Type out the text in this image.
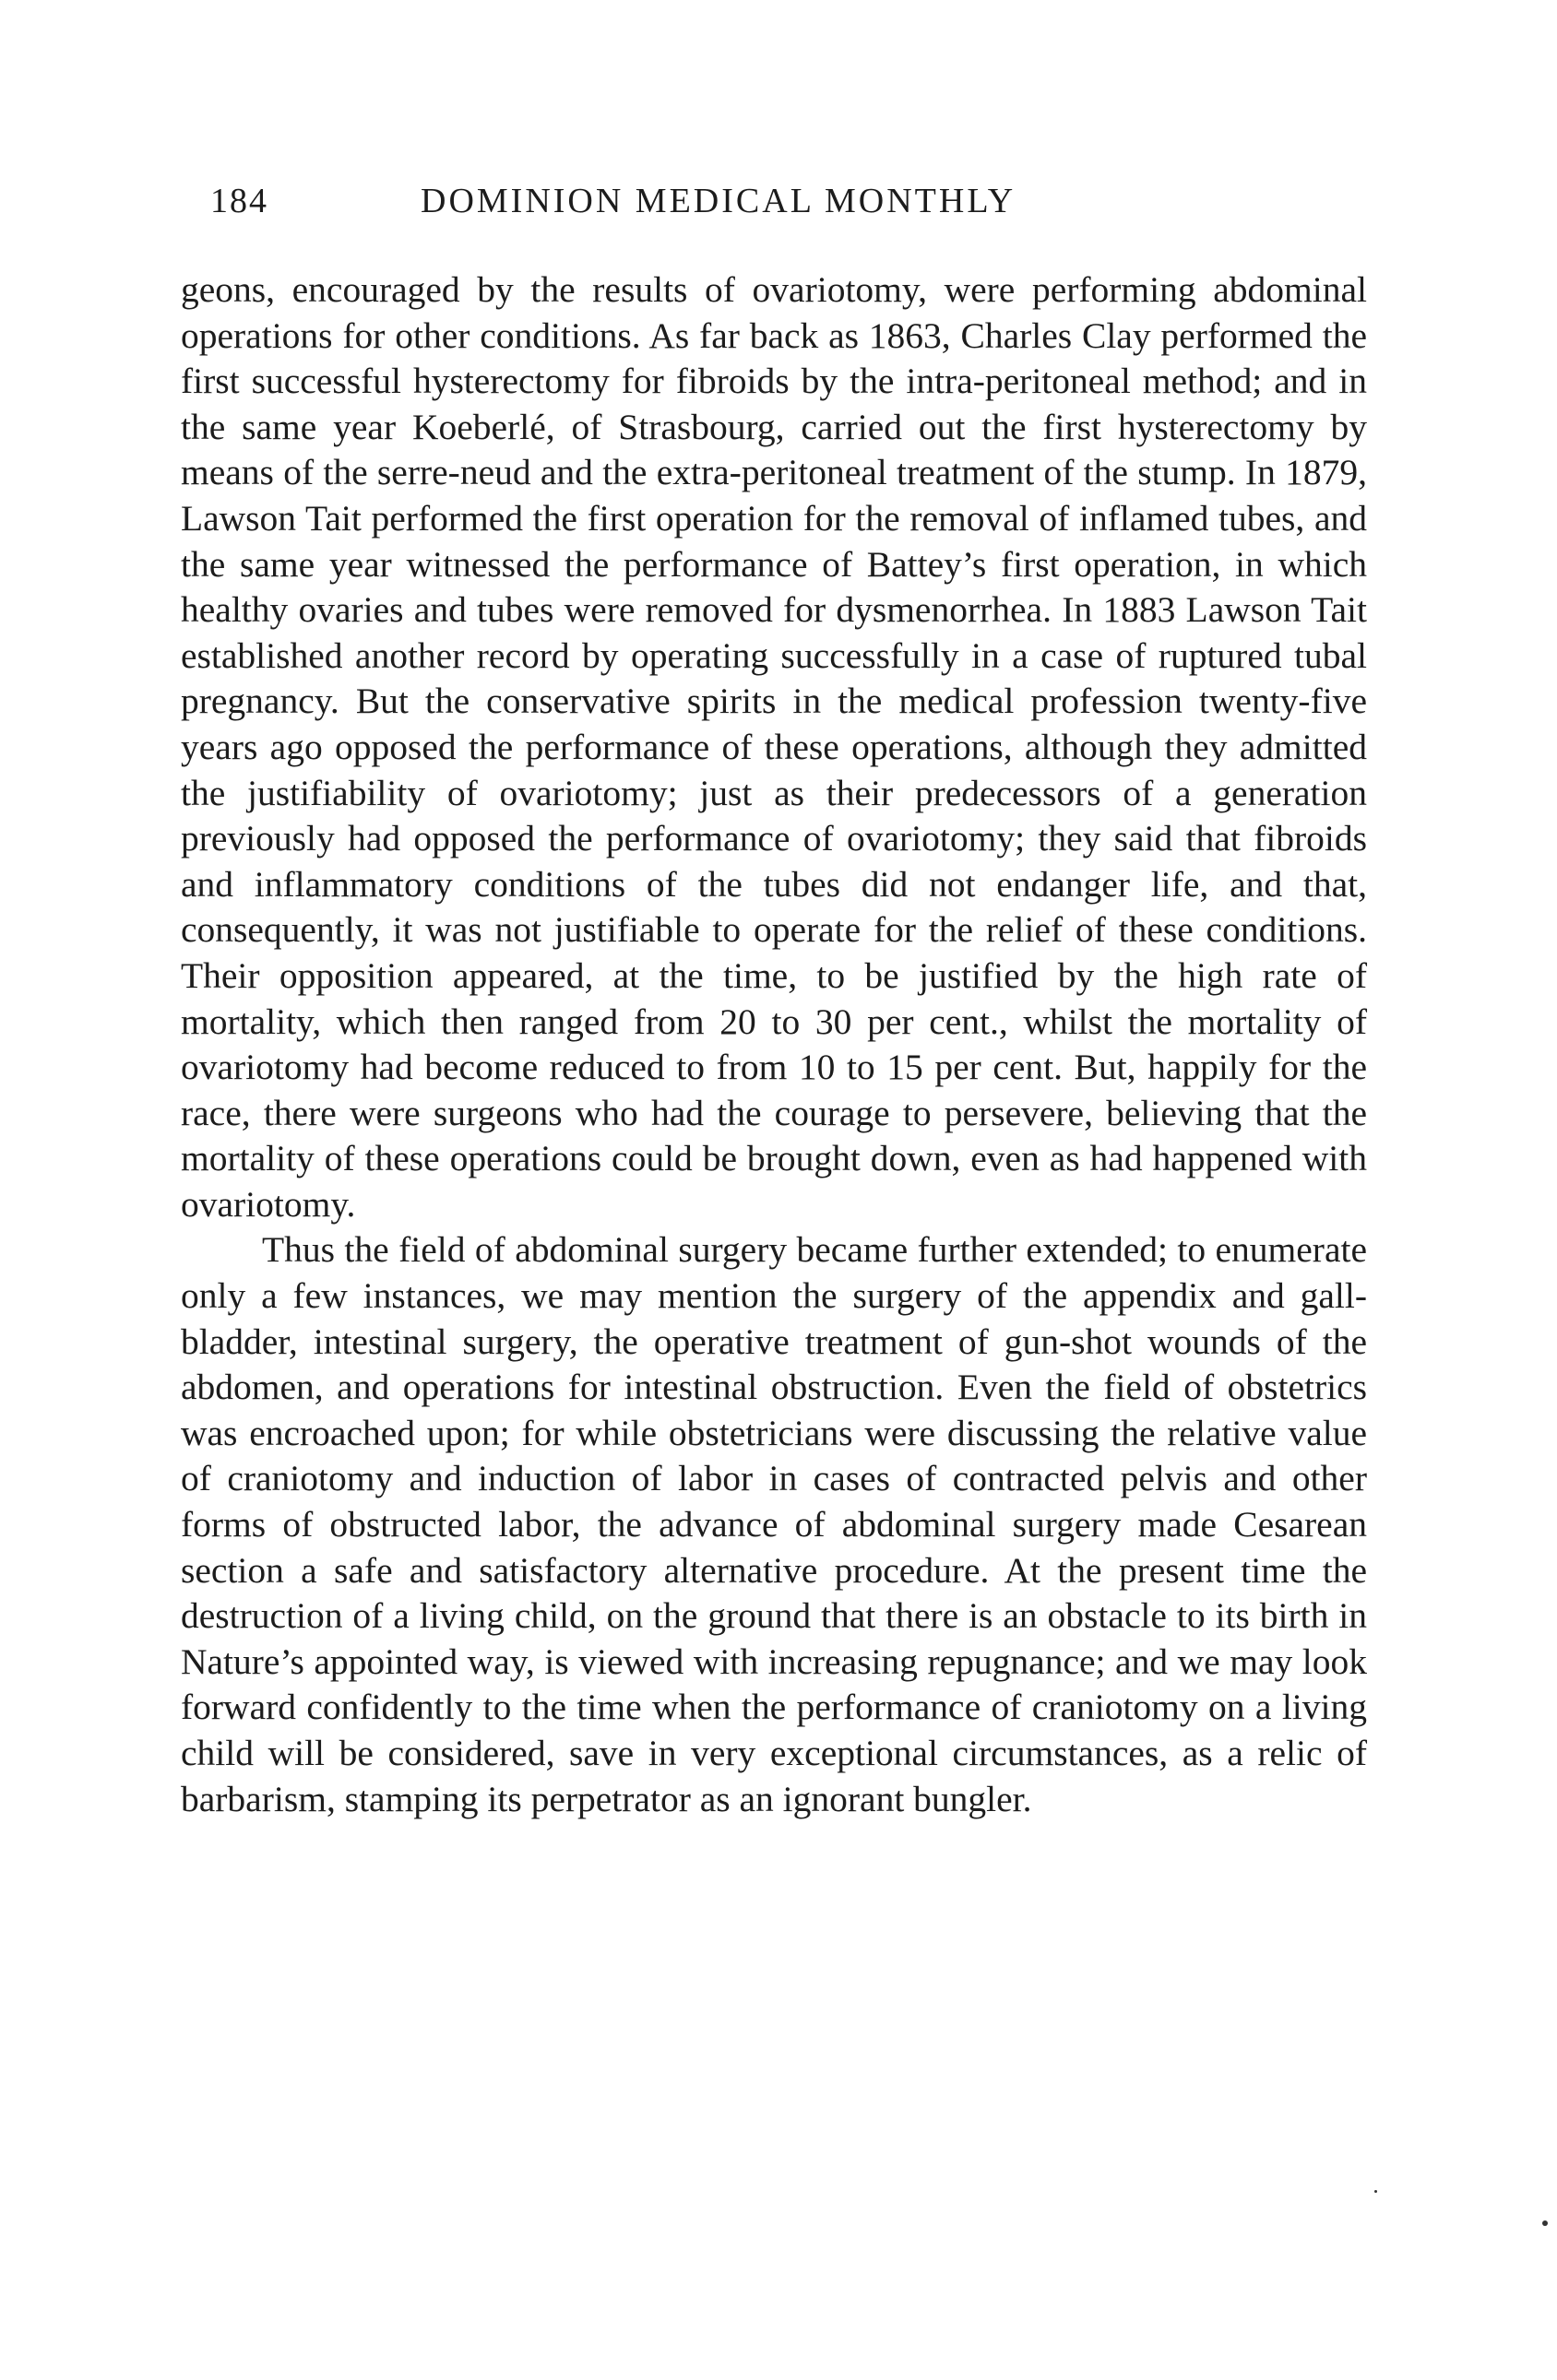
184	DOMINION MEDICAL MONTHLY

geons, encouraged by the results of ovariotomy, were performing abdominal operations for other conditions. As far back as 1863, Charles Clay performed the first successful hysterectomy for fibroids by the intra-peritoneal method; and in the same year Koeberlé, of Strasbourg, carried out the first hysterectomy by means of the serre-neud and the extra-peritoneal treatment of the stump. In 1879, Lawson Tait performed the first operation for the removal of inflamed tubes, and the same year witnessed the performance of Battey’s first operation, in which healthy ovaries and tubes were removed for dysmenorrhea. In 1883 Lawson Tait established another record by operating successfully in a case of ruptured tubal pregnancy. But the conservative spirits in the medical profession twenty-five years ago opposed the performance of these operations, although they admitted the justifiability of ovariotomy; just as their predecessors of a generation previously had opposed the performance of ovariotomy; they said that fibroids and inflammatory conditions of the tubes did not endanger life, and that, consequently, it was not justifiable to operate for the relief of these conditions. Their opposition appeared, at the time, to be justified by the high rate of mortality, which then ranged from 20 to 30 per cent., whilst the mortality of ovariotomy had become reduced to from 10 to 15 per cent. But, happily for the race, there were surgeons who had the courage to persevere, believing that the mortality of these operations could be brought down, even as had happened with ovariotomy.

Thus the field of abdominal surgery became further extended; to enumerate only a few instances, we may mention the surgery of the appendix and gall-bladder, intestinal surgery, the operative treatment of gun-shot wounds of the abdomen, and operations for intestinal obstruction. Even the field of obstetrics was encroached upon; for while obstetricians were discussing the relative value of craniotomy and induction of labor in cases of contracted pelvis and other forms of obstructed labor, the advance of abdominal surgery made Cesarean section a safe and satisfactory alternative procedure. At the present time the destruction of a living child, on the ground that there is an obstacle to its birth in Nature’s appointed way, is viewed with increasing repugnance; and we may look forward confidently to the time when the performance of craniotomy on a living child will be considered, save in very exceptional circumstances, as a relic of barbarism, stamping its perpetrator as an ignorant bungler.
